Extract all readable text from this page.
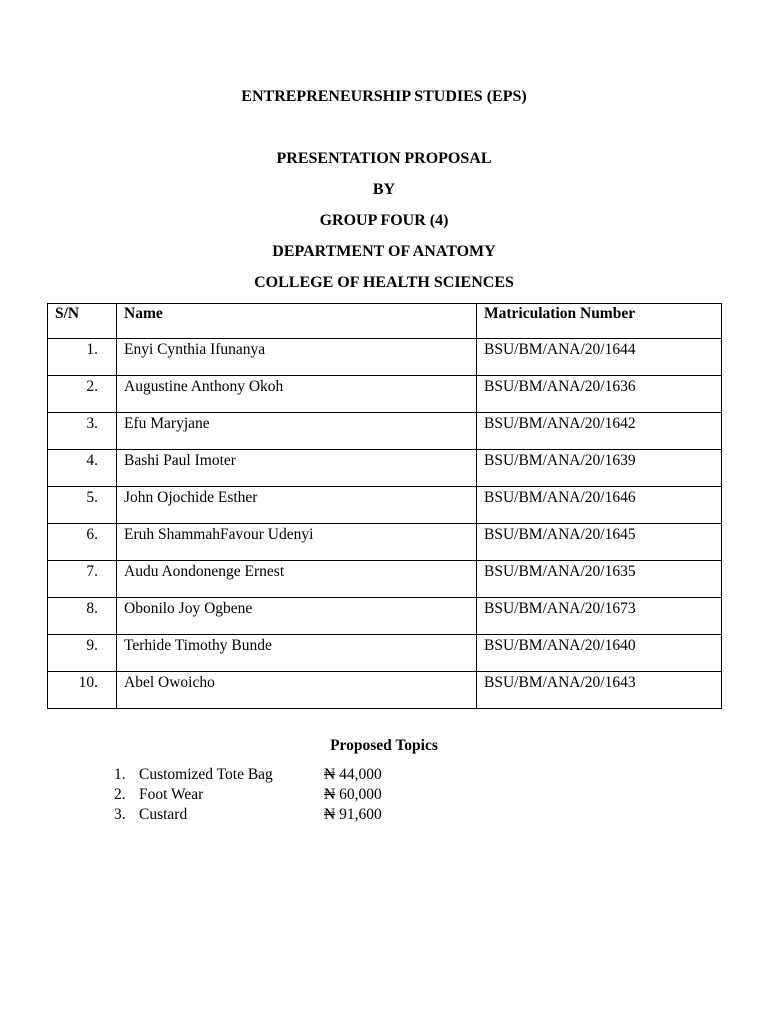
ENTREPRENEURSHIP STUDIES (EPS)
PRESENTATION PROPOSAL
BY
GROUP FOUR (4)
DEPARTMENT OF ANATOMY
COLLEGE OF HEALTH SCIENCES
S/N	Name	Matriculation Number

1.	Enyi Cynthia Ifunanya	BSU/BM/ANA/20/1644

2.	Augustine Anthony Okoh	BSU/BM/ANA/20/1636

3.	Efu Maryjane	BSU/BM/ANA/20/1642

4.	Bashi Paul Imoter	BSU/BM/ANA/20/1639

5.	John Ojochide Esther	BSU/BM/ANA/20/1646

6.	Eruh ShammahFavour Udenyi	BSU/BM/ANA/20/1645

7.	Audu Aondonenge Ernest	BSU/BM/ANA/20/1635

8.	Obonilo Joy Ogbene	BSU/BM/ANA/20/1673

9.	Terhide Timothy Bunde	BSU/BM/ANA/20/1640

10.	Abel Owoicho	BSU/BM/ANA/20/1643
Proposed Topics
1. Customized Tote Bag	₦ 44,000
2. Foot Wear	₦ 60,000
3. Custard	₦ 91,600
